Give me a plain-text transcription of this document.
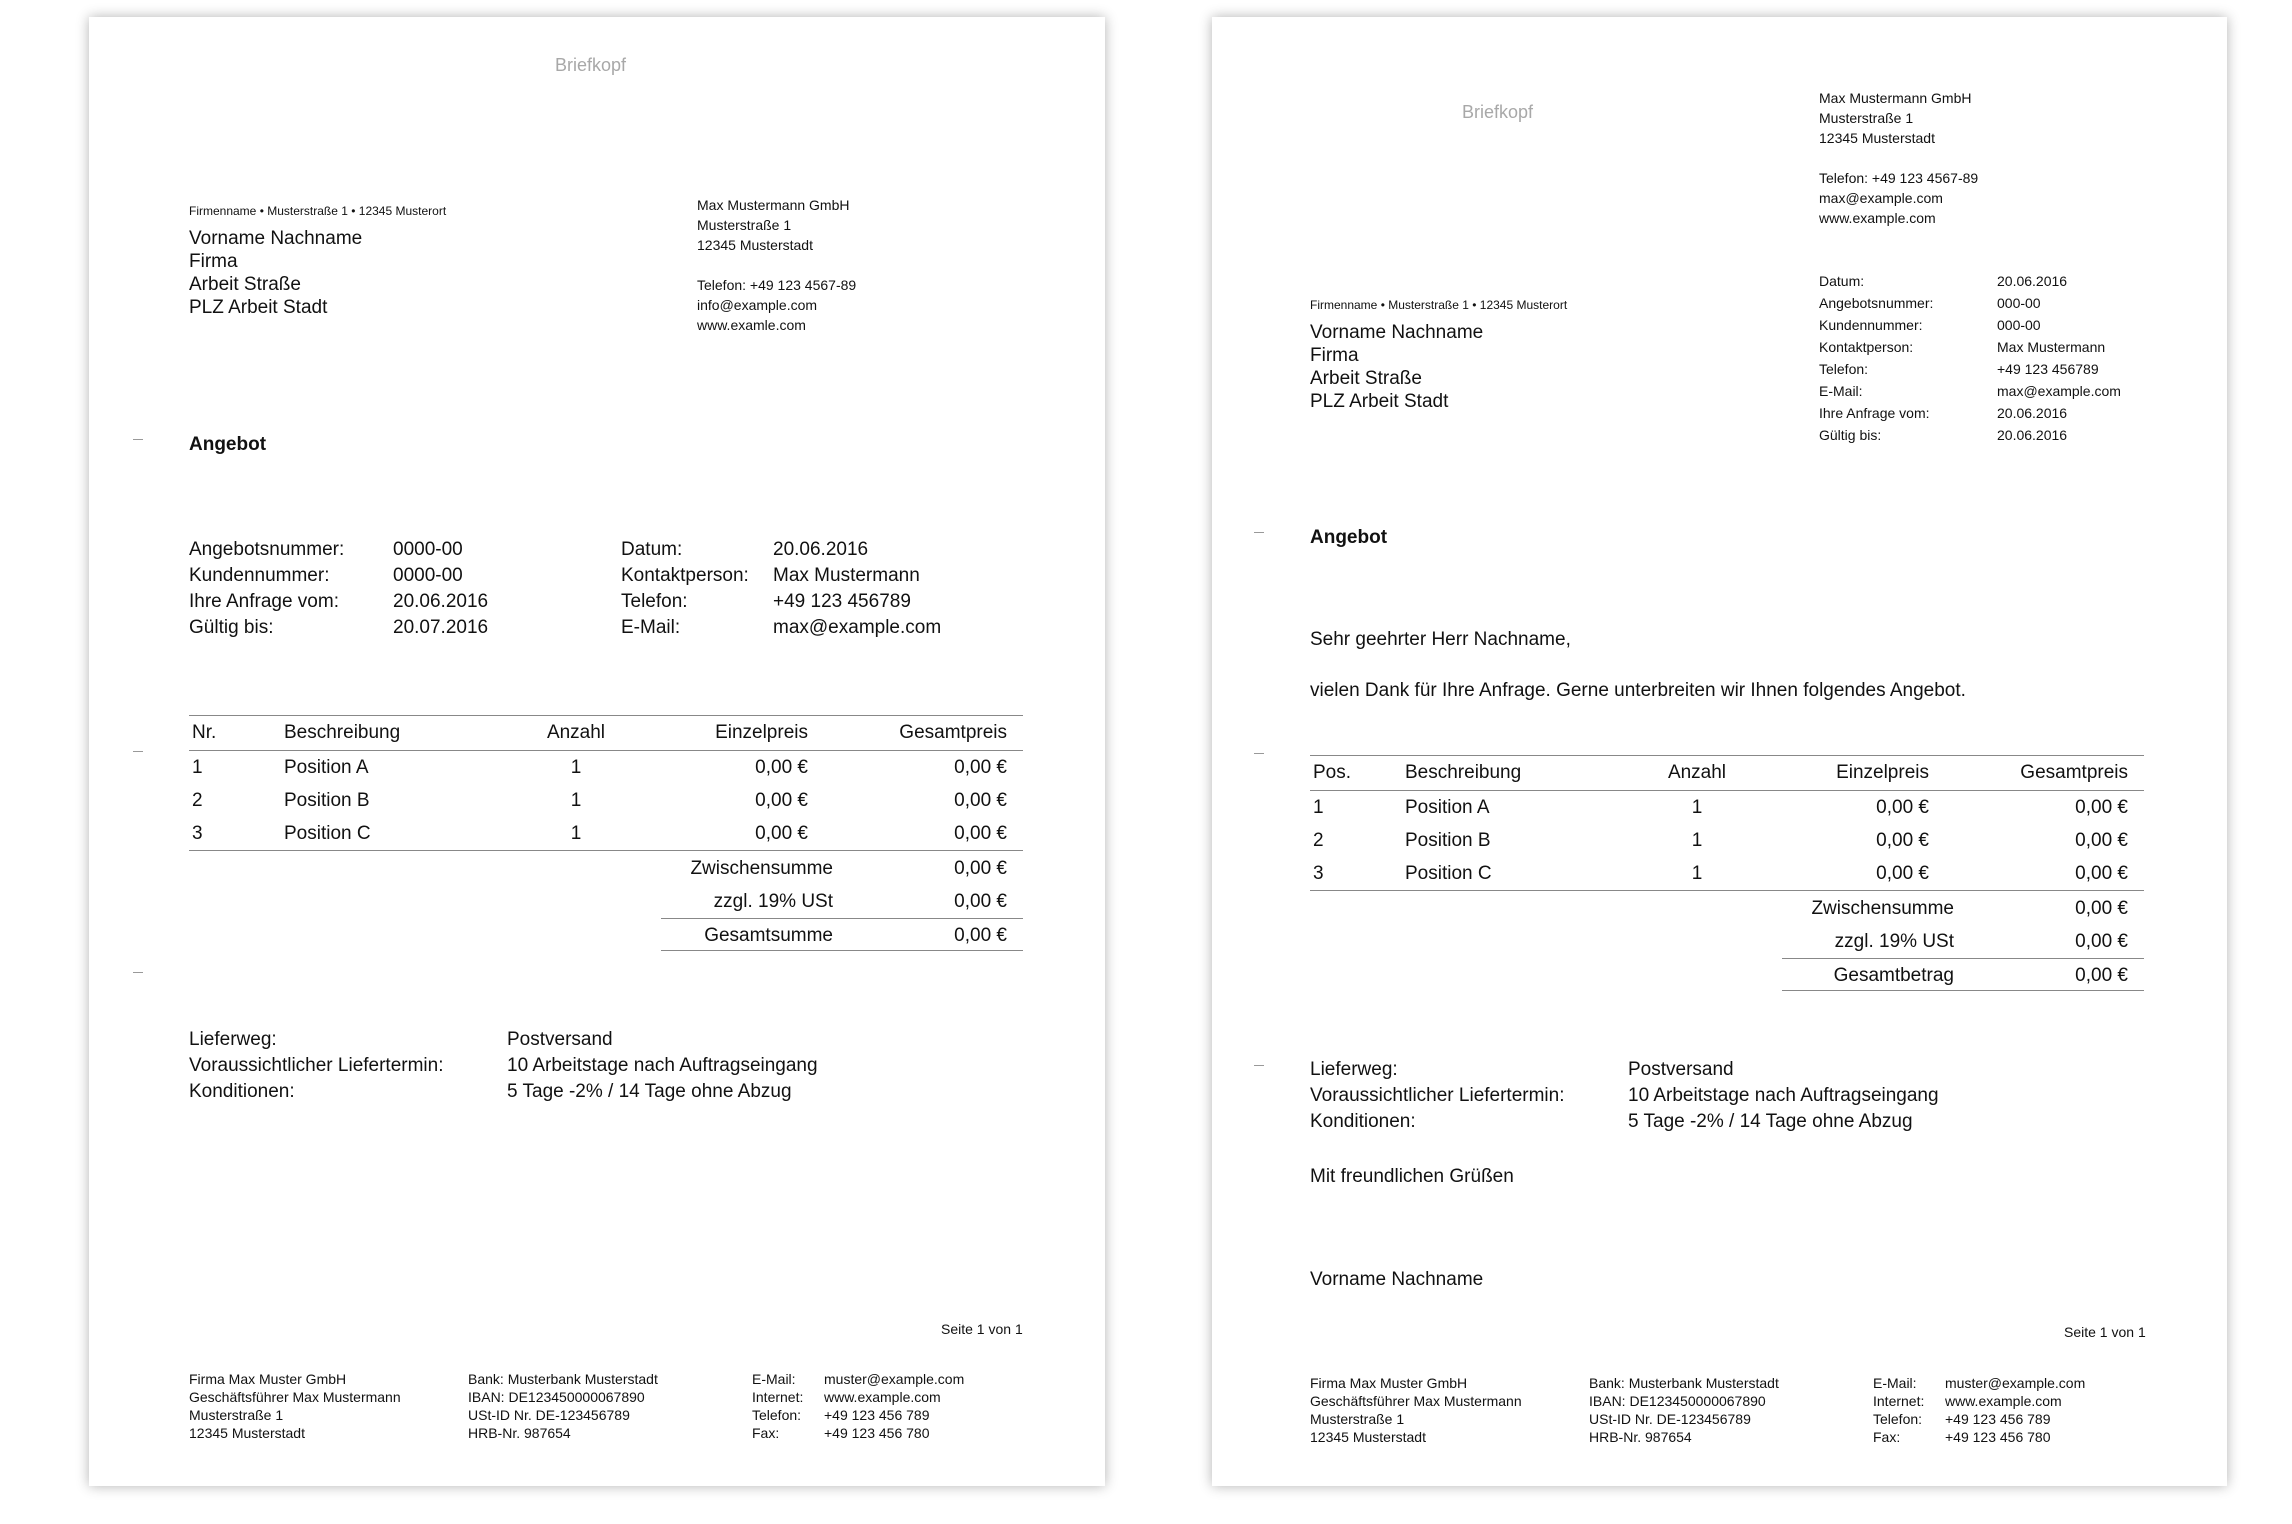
Briefkopf
Firmenname • Musterstraße 1 • 12345 Musterort
Vorname Nachname
Firma
Arbeit Straße
PLZ Arbeit Stadt
Max Mustermann GmbH
Musterstraße 1
12345 Musterstadt
Telefon: +49 123 4567-89
info@example.com
www.examle.com
Angebot
Angebotsnummer:	0000-00
Kundennummer:	0000-00
Ihre Anfrage vom:	20.06.2016
Gültig bis:	20.07.2016
Datum:	20.06.2016
Kontaktperson:	Max Mustermann
Telefon:	+49 123 456789
E-Mail:	max@example.com
Nr.	Beschreibung	Anzahl	Einzelpreis	Gesamtpreis
1	Position A	1	0,00 €	0,00 €
2	Position B	1	0,00 €	0,00 €
3	Position C	1	0,00 €	0,00 €
Zwischensumme	0,00 €
zzgl. 19% USt	0,00 €
Gesamtsumme	0,00 €
Lieferweg:	Postversand
Voraussichtlicher Liefertermin:	10 Arbeitstage nach Auftragseingang
Konditionen:	5 Tage -2% / 14 Tage ohne Abzug
Seite 1 von 1
Firma Max Muster GmbH
Geschäftsführer Max Mustermann
Musterstraße 1
12345 Musterstadt
Bank: Musterbank Musterstadt
IBAN: DE123450000067890
USt-ID Nr. DE-123456789
HRB-Nr. 987654
E-Mail:	muster@example.com
Internet:	www.example.com
Telefon:	+49 123 456 789
Fax:	+49 123 456 780
Briefkopf
Max Mustermann GmbH
Musterstraße 1
12345 Musterstadt
Telefon: +49 123 4567-89
max@example.com
www.example.com
Datum:	20.06.2016
Angebotsnummer:	000-00
Kundennummer:	000-00
Kontaktperson:	Max Mustermann
Telefon:	+49 123 456789
E-Mail:	max@example.com
Ihre Anfrage vom:	20.06.2016
Gültig bis:	20.06.2016
Firmenname • Musterstraße 1 • 12345 Musterort
Vorname Nachname
Firma
Arbeit Straße
PLZ Arbeit Stadt
Angebot
Sehr geehrter Herr Nachname,
vielen Dank für Ihre Anfrage. Gerne unterbreiten wir Ihnen folgendes Angebot.
Pos.	Beschreibung	Anzahl	Einzelpreis	Gesamtpreis
1	Position A	1	0,00 €	0,00 €
2	Position B	1	0,00 €	0,00 €
3	Position C	1	0,00 €	0,00 €
Zwischensumme	0,00 €
zzgl. 19% USt	0,00 €
Gesamtbetrag	0,00 €
Lieferweg:	Postversand
Voraussichtlicher Liefertermin:	10 Arbeitstage nach Auftragseingang
Konditionen:	5 Tage -2% / 14 Tage ohne Abzug
Mit freundlichen Grüßen
Vorname Nachname
Seite 1 von 1
Firma Max Muster GmbH
Geschäftsführer Max Mustermann
Musterstraße 1
12345 Musterstadt
Bank: Musterbank Musterstadt
IBAN: DE123450000067890
USt-ID Nr. DE-123456789
HRB-Nr. 987654
E-Mail:	muster@example.com
Internet:	www.example.com
Telefon:	+49 123 456 789
Fax:	+49 123 456 780
